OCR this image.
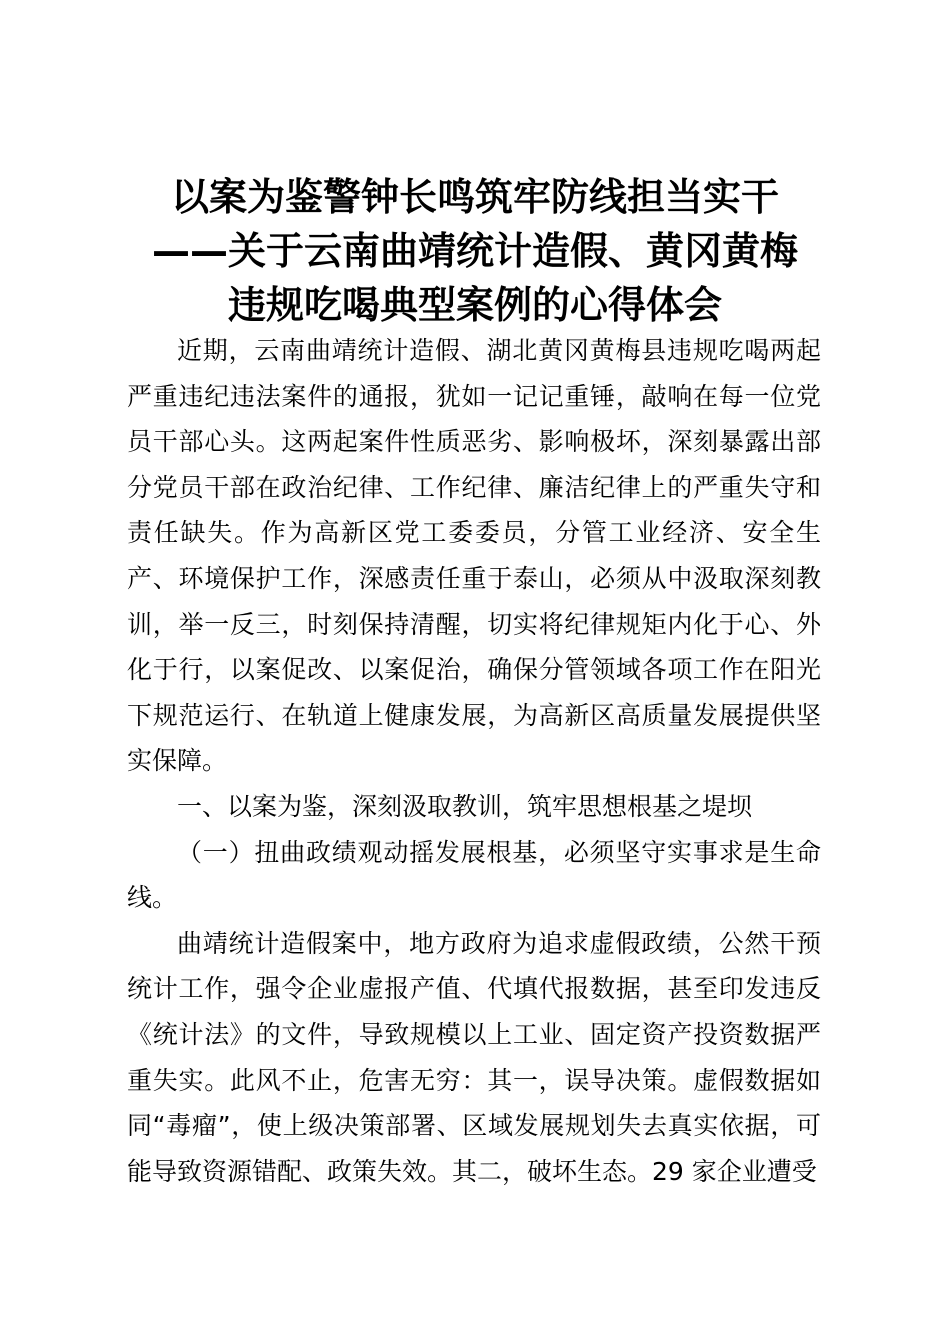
以案为鉴警钟长鸣筑牢防线担当实干
——关于云南曲靖统计造假、黄冈黄梅
违规吃喝典型案例的心得体会

近期，云南曲靖统计造假、湖北黄冈黄梅县违规吃喝两起严重违纪违法案件的通报，犹如一记记重锤，敲响在每一位党员干部心头。这两起案件性质恶劣、影响极坏，深刻暴露出部分党员干部在政治纪律、工作纪律、廉洁纪律上的严重失守和责任缺失。作为高新区党工委委员，分管工业经济、安全生产、环境保护工作，深感责任重于泰山，必须从中汲取深刻教训，举一反三，时刻保持清醒，切实将纪律规矩内化于心、外化于行，以案促改、以案促治，确保分管领域各项工作在阳光下规范运行、在轨道上健康发展，为高新区高质量发展提供坚实保障。

一、以案为鉴，深刻汲取教训，筑牢思想根基之堤坝

（一）扭曲政绩观动摇发展根基，必须坚守实事求是生命线。

曲靖统计造假案中，地方政府为追求虚假政绩，公然干预统计工作，强令企业虚报产值、代填代报数据，甚至印发违反《统计法》的文件，导致规模以上工业、固定资产投资数据严重失实。此风不止，危害无穷：其一，误导决策。虚假数据如同“毒瘤”，使上级决策部署、区域发展规划失去真实依据，可能导致资源错配、政策失效。其二，破坏生态。29 家企业遭受
